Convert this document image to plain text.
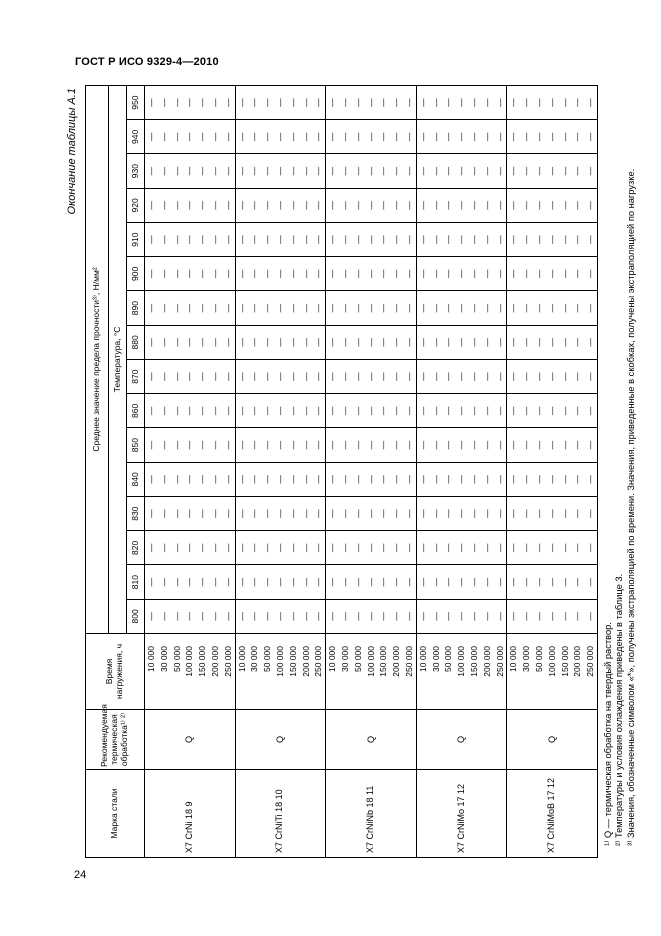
ГОСТ Р ИСО 9329-4—2010
Окончание таблицы А.1
Марка стали	Рекомендуемая термическая обработка¹⁾ ²⁾	Время нагружения, ч	Среднее значение предела прочности³⁾, Н/мм²															
			Температура, °С															
			800	810	820	830	840	850	860	870	880	890	900	910	920	930	940	950
X7 CrNi 18 9	Q	10 000	—	—	—	—	—	—	—	—	—	—	—	—	—	—	—	—
		30 000	—	—	—	—	—	—	—	—	—	—	—	—	—	—	—	—
		50 000	—	—	—	—	—	—	—	—	—	—	—	—	—	—	—	—
		100 000	—	—	—	—	—	—	—	—	—	—	—	—	—	—	—	—
		150 000	—	—	—	—	—	—	—	—	—	—	—	—	—	—	—	—
		200 000	—	—	—	—	—	—	—	—	—	—	—	—	—	—	—	—
		250 000	—	—	—	—	—	—	—	—	—	—	—	—	—	—	—	—
X7 CrNiTi 18 10	Q	10 000	—	—	—	—	—	—	—	—	—	—	—	—	—	—	—	—
		30 000	—	—	—	—	—	—	—	—	—	—	—	—	—	—	—	—
		50 000	—	—	—	—	—	—	—	—	—	—	—	—	—	—	—	—
		100 000	—	—	—	—	—	—	—	—	—	—	—	—	—	—	—	—
		150 000	—	—	—	—	—	—	—	—	—	—	—	—	—	—	—	—
		200 000	—	—	—	—	—	—	—	—	—	—	—	—	—	—	—	—
		250 000	—	—	—	—	—	—	—	—	—	—	—	—	—	—	—	—
X7 CrNiNb 18 11	Q	10 000	—	—	—	—	—	—	—	—	—	—	—	—	—	—	—	—
		30 000	—	—	—	—	—	—	—	—	—	—	—	—	—	—	—	—
		50 000	—	—	—	—	—	—	—	—	—	—	—	—	—	—	—	—
		100 000	—	—	—	—	—	—	—	—	—	—	—	—	—	—	—	—
		150 000	—	—	—	—	—	—	—	—	—	—	—	—	—	—	—	—
		200 000	—	—	—	—	—	—	—	—	—	—	—	—	—	—	—	—
		250 000	—	—	—	—	—	—	—	—	—	—	—	—	—	—	—	—
X7 CrNiMo 17 12	Q	10 000	—	—	—	—	—	—	—	—	—	—	—	—	—	—	—	—
		30 000	—	—	—	—	—	—	—	—	—	—	—	—	—	—	—	—
		50 000	—	—	—	—	—	—	—	—	—	—	—	—	—	—	—	—
		100 000	—	—	—	—	—	—	—	—	—	—	—	—	—	—	—	—
		150 000	—	—	—	—	—	—	—	—	—	—	—	—	—	—	—	—
		200 000	—	—	—	—	—	—	—	—	—	—	—	—	—	—	—	—
		250 000	—	—	—	—	—	—	—	—	—	—	—	—	—	—	—	—
X7 CrNiMoB 17 12	Q	10 000	—	—	—	—	—	—	—	—	—	—	—	—	—	—	—	—
		30 000	—	—	—	—	—	—	—	—	—	—	—	—	—	—	—	—
		50 000	—	—	—	—	—	—	—	—	—	—	—	—	—	—	—	—
		100 000	—	—	—	—	—	—	—	—	—	—	—	—	—	—	—	—
		150 000	—	—	—	—	—	—	—	—	—	—	—	—	—	—	—	—
		200 000	—	—	—	—	—	—	—	—	—	—	—	—	—	—	—	—
		250 000	—	—	—	—	—	—	—	—	—	—	—	—	—	—	—	—
¹⁾ Q — термическая обработка на твердый раствор. ²⁾ Температуры и условия охлаждения приведены в таблице 3. ³⁾ Значения, обозначенные символом «*», получены экстраполяцией по времени. Значения, приведенные в скобках, получены экстраполяцией по нагрузке.
24
